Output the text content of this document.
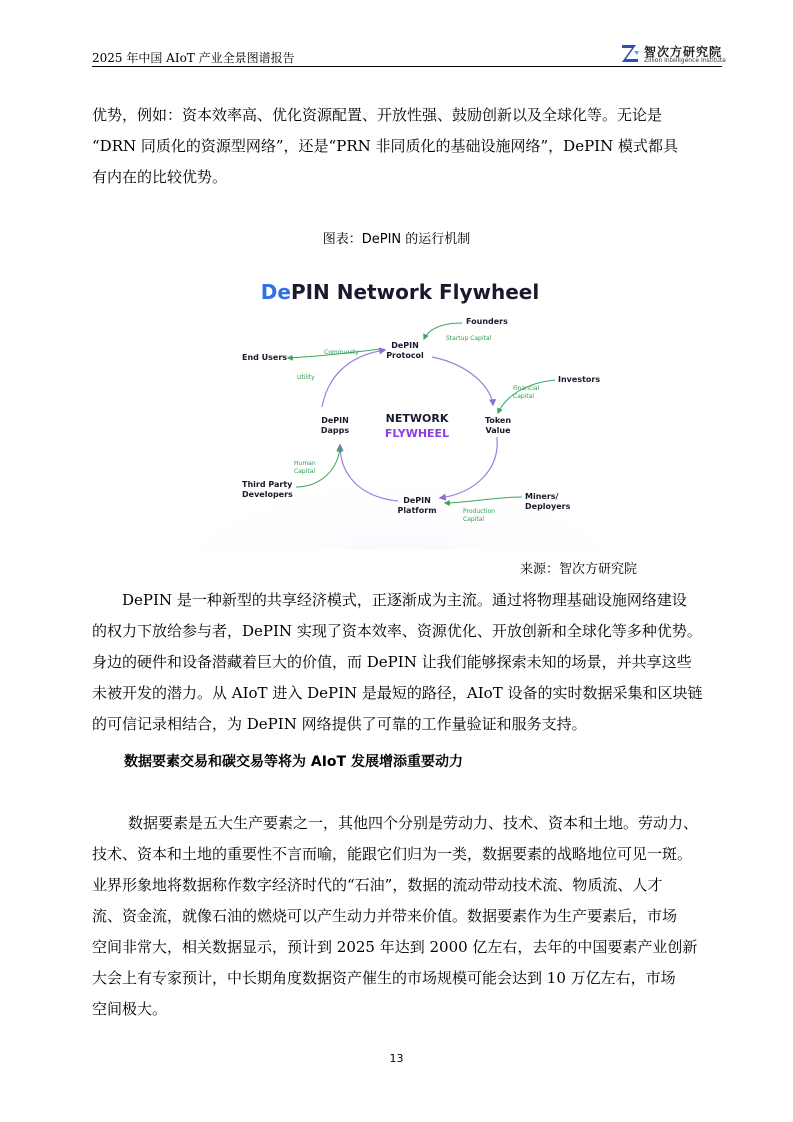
2025 年中国 AIoT 产业全景图谱报告	智次方研究院
Zillion Intelligence Institute
优势，例如：资本效率高、优化资源配置、开放性强、鼓励创新以及全球化等。无论是
“DRN 同质化的资源型网络”，还是“PRN 非同质化的基础设施网络”，DePIN 模式都具
有内在的比较优势。
图表：DePIN 的运行机制
DePIN Network Flywheel
NETWORK
FLYWHEEL
DePIN
Protocol
Token
Value
DePIN
Platform
DePIN
Dapps
Founders
Investors
Miners/
Deployers
Third Party
Developers
End Users
Startup Capital
Financial
Capital
Production
Capital
Human
Capital
Community
Utility
来源：智次方研究院
DePIN 是一种新型的共享经济模式，正逐渐成为主流。通过将物理基础设施网络建设
的权力下放给参与者，DePIN 实现了资本效率、资源优化、开放创新和全球化等多种优势。
身边的硬件和设备潜藏着巨大的价值，而 DePIN 让我们能够探索未知的场景，并共享这些
未被开发的潜力。从 AIoT 进入 DePIN 是最短的路径，AIoT 设备的实时数据采集和区块链
的可信记录相结合，为 DePIN 网络提供了可靠的工作量验证和服务支持。
数据要素交易和碳交易等将为 AIoT 发展增添重要动力
数据要素是五大生产要素之一，其他四个分别是劳动力、技术、资本和土地。劳动力、
技术、资本和土地的重要性不言而喻，能跟它们归为一类，数据要素的战略地位可见一斑。
业界形象地将数据称作数字经济时代的“石油”，数据的流动带动技术流、物质流、人才
流、资金流，就像石油的燃烧可以产生动力并带来价值。数据要素作为生产要素后，市场
空间非常大，相关数据显示，预计到 2025 年达到 2000 亿左右，去年的中国要素产业创新
大会上有专家预计，中长期角度数据资产催生的市场规模可能会达到 10 万亿左右，市场
空间极大。
13
